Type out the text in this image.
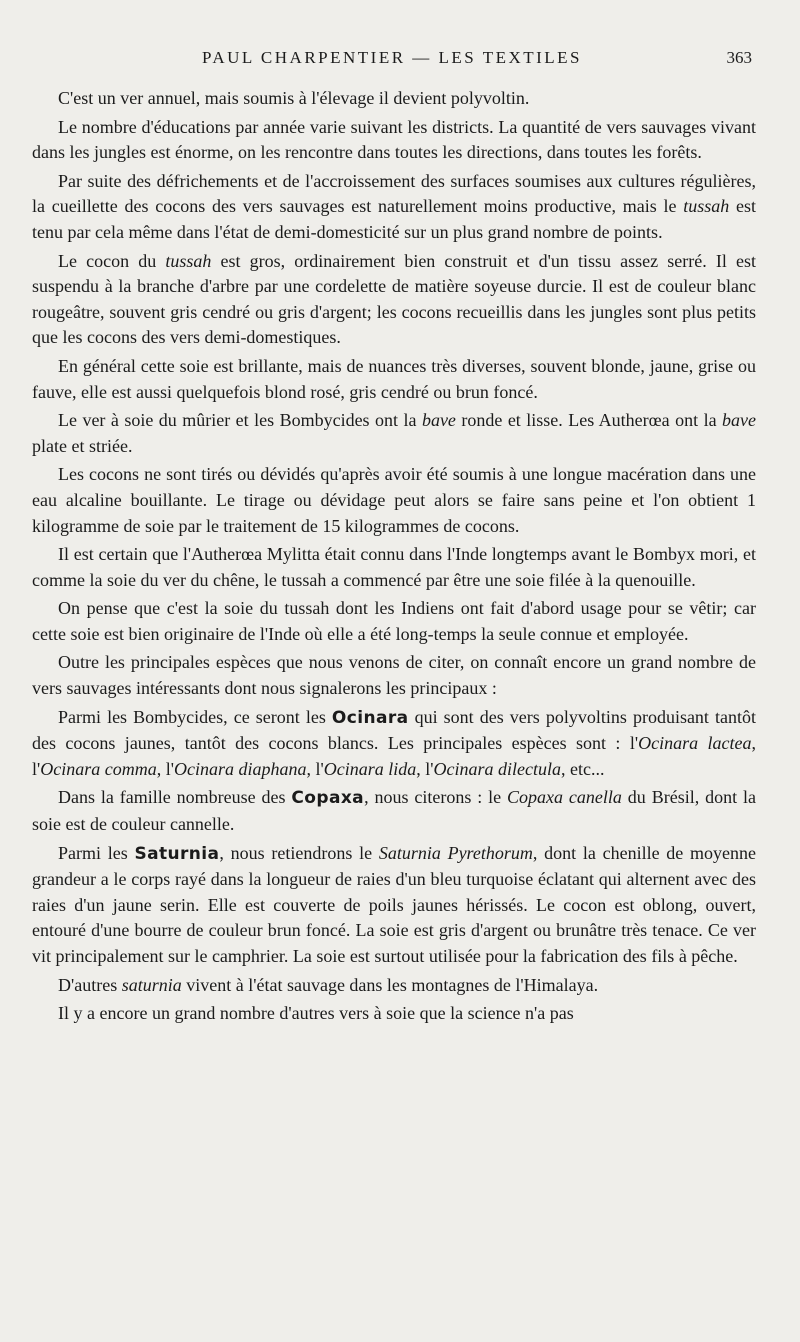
PAUL CHARPENTIER — LES TEXTILES	363

C'est un ver annuel, mais soumis à l'élevage il devient polyvoltin.

Le nombre d'éducations par année varie suivant les districts. La quantité de vers sauvages vivant dans les jungles est énorme, on les rencontre dans toutes les directions, dans toutes les forêts.

Par suite des défrichements et de l'accroissement des surfaces soumises aux cultures régulières, la cueillette des cocons des vers sauvages est naturellement moins productive, mais le tussah est tenu par cela même dans l'état de demi-domesticité sur un plus grand nombre de points.

Le cocon du tussah est gros, ordinairement bien construit et d'un tissu assez serré. Il est suspendu à la branche d'arbre par une cordelette de matière soyeuse durcie. Il est de couleur blanc rougeâtre, souvent gris cendré ou gris d'argent; les cocons recueillis dans les jungles sont plus petits que les cocons des vers demi-domestiques.

En général cette soie est brillante, mais de nuances très diverses, souvent blonde, jaune, grise ou fauve, elle est aussi quelquefois blond rosé, gris cendré ou brun foncé.

Le ver à soie du mûrier et les Bombycides ont la bave ronde et lisse. Les Autherœa ont la bave plate et striée.

Les cocons ne sont tirés ou dévidés qu'après avoir été soumis à une longue macération dans une eau alcaline bouillante. Le tirage ou dévidage peut alors se faire sans peine et l'on obtient 1 kilogramme de soie par le traitement de 15 kilogrammes de cocons.

Il est certain que l'Autherœa Mylitta était connu dans l'Inde longtemps avant le Bombyx mori, et comme la soie du ver du chêne, le tussah a commencé par être une soie filée à la quenouille.

On pense que c'est la soie du tussah dont les Indiens ont fait d'abord usage pour se vêtir; car cette soie est bien originaire de l'Inde où elle a été long-temps la seule connue et employée.

Outre les principales espèces que nous venons de citer, on connaît encore un grand nombre de vers sauvages intéressants dont nous signalerons les principaux :

Parmi les Bombycides, ce seront les Ocinara qui sont des vers polyvoltins produisant tantôt des cocons jaunes, tantôt des cocons blancs. Les principales espèces sont : l'Ocinara lactea, l'Ocinara comma, l'Ocinara diaphana, l'Ocinara lida, l'Ocinara dilectula, etc...

Dans la famille nombreuse des Copaxa, nous citerons : le Copaxa canella du Brésil, dont la soie est de couleur cannelle.

Parmi les Saturnia, nous retiendrons le Saturnia Pyrethorum, dont la chenille de moyenne grandeur a le corps rayé dans la longueur de raies d'un bleu turquoise éclatant qui alternent avec des raies d'un jaune serin. Elle est couverte de poils jaunes hérissés. Le cocon est oblong, ouvert, entouré d'une bourre de couleur brun foncé. La soie est gris d'argent ou brunâtre très tenace. Ce ver vit principalement sur le camphrier. La soie est surtout utilisée pour la fabrication des fils à pêche.

D'autres saturnia vivent à l'état sauvage dans les montagnes de l'Himalaya.

Il y a encore un grand nombre d'autres vers à soie que la science n'a pas
